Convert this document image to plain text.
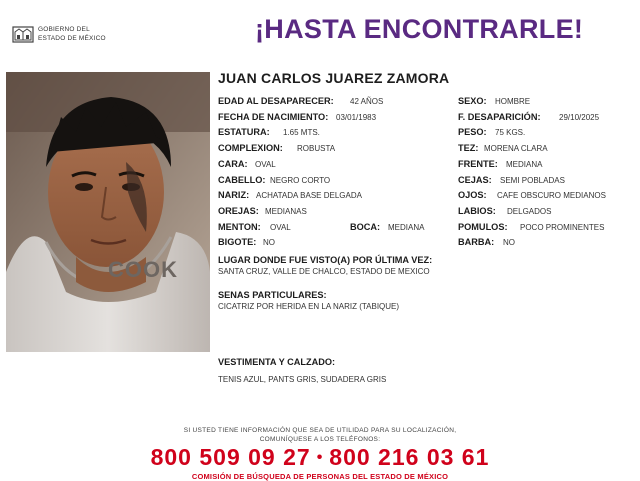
GOBIERNO DEL
ESTADO DE MÉXICO	¡HASTA ENCONTRARLE!
COOK
JUAN CARLOS JUAREZ ZAMORA
EDAD AL DESAPARECER: 42 AÑOS
FECHA DE NACIMIENTO: 03/01/1983
ESTATURA: 1.65 MTS.
COMPLEXION: ROBUSTA
CARA: OVAL
CABELLO: NEGRO CORTO
NARIZ: ACHATADA BASE DELGADA
OREJAS: MEDIANAS
MENTON: OVAL
BIGOTE: NO
SEXO: HOMBRE
F. DESAPARICIÓN: 29/10/2025
PESO: 75 KGS.
TEZ: MORENA CLARA
FRENTE: MEDIANA
CEJAS: SEMI POBLADAS
OJOS: CAFE OBSCURO MEDIANOS
LABIOS: DELGADOS
POMULOS: POCO PROMINENTES
BARBA: NO
BOCA: MEDIANA
LUGAR DONDE FUE VISTO(A) POR ÚLTIMA VEZ:
SANTA CRUZ, VALLE DE CHALCO, ESTADO DE MEXICO
SENAS PARTICULARES:
CICATRIZ POR HERIDA EN LA NARIZ (TABIQUE)
VESTIMENTA Y CALZADO:
TENIS AZUL, PANTS GRIS, SUDADERA GRIS
SI USTED TIENE INFORMACIÓN QUE SEA DE UTILIDAD PARA SU LOCALIZACIÓN,
COMUNÍQUESE A LOS TELÉFONOS:
800 509 09 27 • 800 216 03 61
COMISIÓN DE BÚSQUEDA DE PERSONAS DEL ESTADO DE MÉXICO
